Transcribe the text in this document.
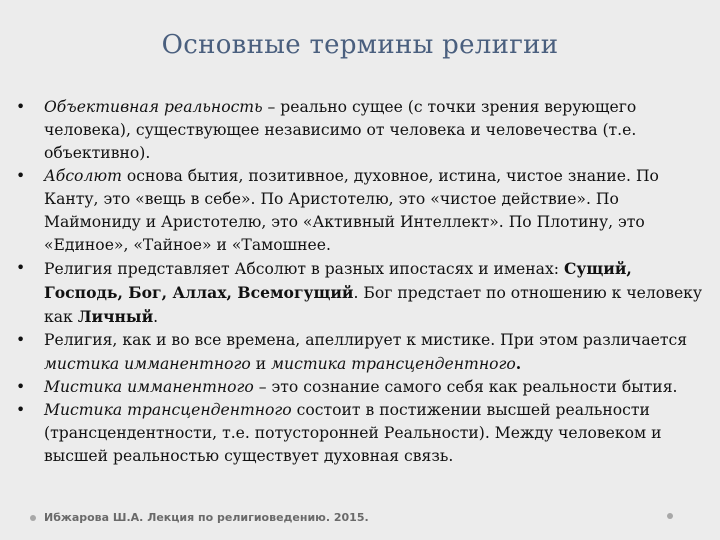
Основные термины религии
•	Объективная реальность – реально сущее (с точки зрения верующего человека), существующее независимо от человека и человечества (т.е. объективно).
•	Абсолют основа бытия, позитивное, духовное, истина, чистое знание. По Канту, это «вещь в себе». По Аристотелю, это «чистое действие». По Маймониду и Аристотелю, это «Активный Интеллект». По Плотину, это «Единое», «Тайное» и «Тамошнее.
•	Религия представляет Абсолют в разных ипостасях и именах: Сущий, Господь, Бог, Аллах, Всемогущий. Бог предстает по отношению к человеку как Личный.
•	Религия, как и во все времена, апеллирует к мистике. При этом различается мистика имманентного и мистика трансцендентного.
•	Мистика имманентного – это сознание самого себя как реальности бытия.
•	Мистика трансцендентного состоит в постижении высшей реальности (трансцендентности, т.е. потусторонней Реальности). Между человеком и высшей реальностью существует духовная связь.
Ибжарова Ш.А. Лекция по религиоведению. 2015.
